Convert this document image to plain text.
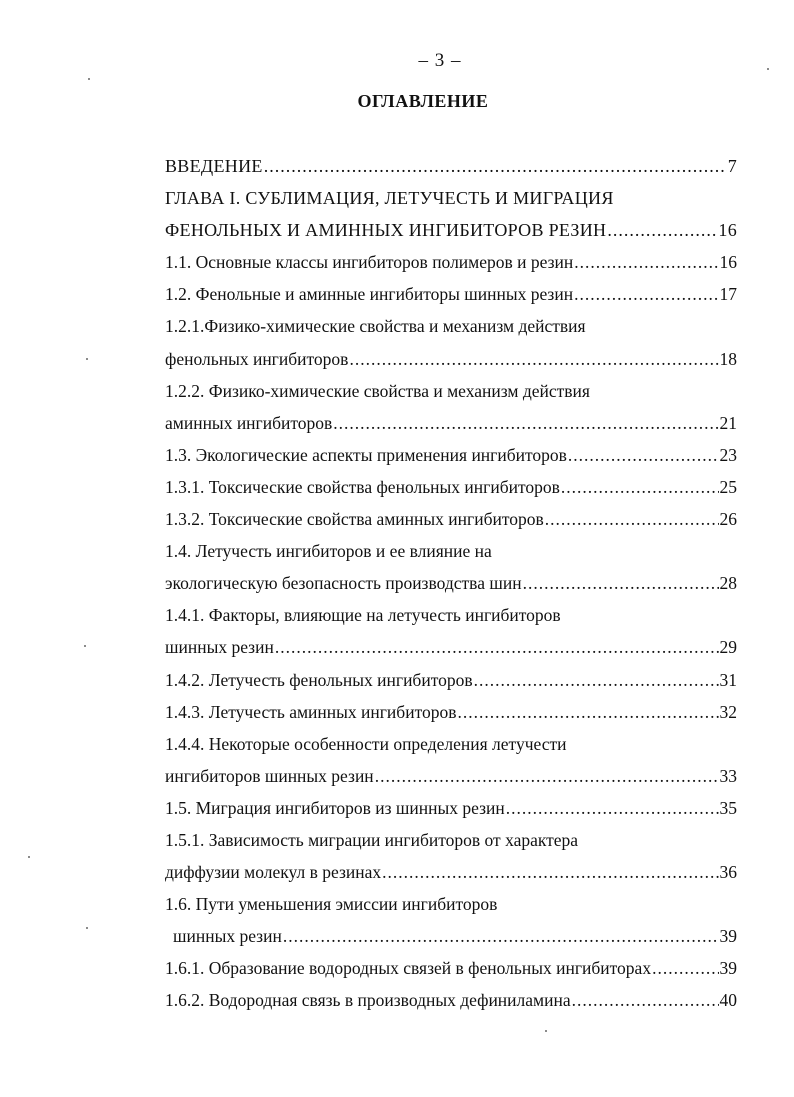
– 3 –
ОГЛАВЛЕНИЕ
ВВЕДЕНИЕ .....	7
ГЛАВА I. СУБЛИМАЦИЯ, ЛЕТУЧЕСТЬ И МИГРАЦИЯ
ФЕНОЛЬНЫХ И АМИННЫХ ИНГИБИТОРОВ РЕЗИН .....	16
1.1. Основные классы ингибиторов полимеров и резин .....	16
1.2. Фенольные и аминные ингибиторы шинных резин .....	17
1.2.1.Физико-химические свойства и механизм действия
фенольных ингибиторов .....	18
1.2.2. Физико-химические свойства и механизм действия
аминных ингибиторов .....	21
1.3. Экологические аспекты применения ингибиторов .....	23
1.3.1. Токсические свойства фенольных ингибиторов .....	25
1.3.2. Токсические свойства аминных ингибиторов .....	26
1.4. Летучесть ингибиторов и ее влияние на
экологическую безопасность производства шин .....	28
1.4.1. Факторы, влияющие на летучесть ингибиторов
шинных резин .....	29
1.4.2. Летучесть фенольных ингибиторов .....	31
1.4.3. Летучесть аминных ингибиторов .....	32
1.4.4. Некоторые особенности определения летучести
ингибиторов шинных резин .....	33
1.5. Миграция ингибиторов из шинных резин .....	35
1.5.1. Зависимость миграции ингибиторов от характера
диффузии молекул в резинах .....	36
1.6. Пути уменьшения эмиссии ингибиторов
шинных резин .....	39
1.6.1. Образование водородных связей в фенольных ингибиторах .....	39
1.6.2. Водородная связь в производных дефиниламина .....	40
